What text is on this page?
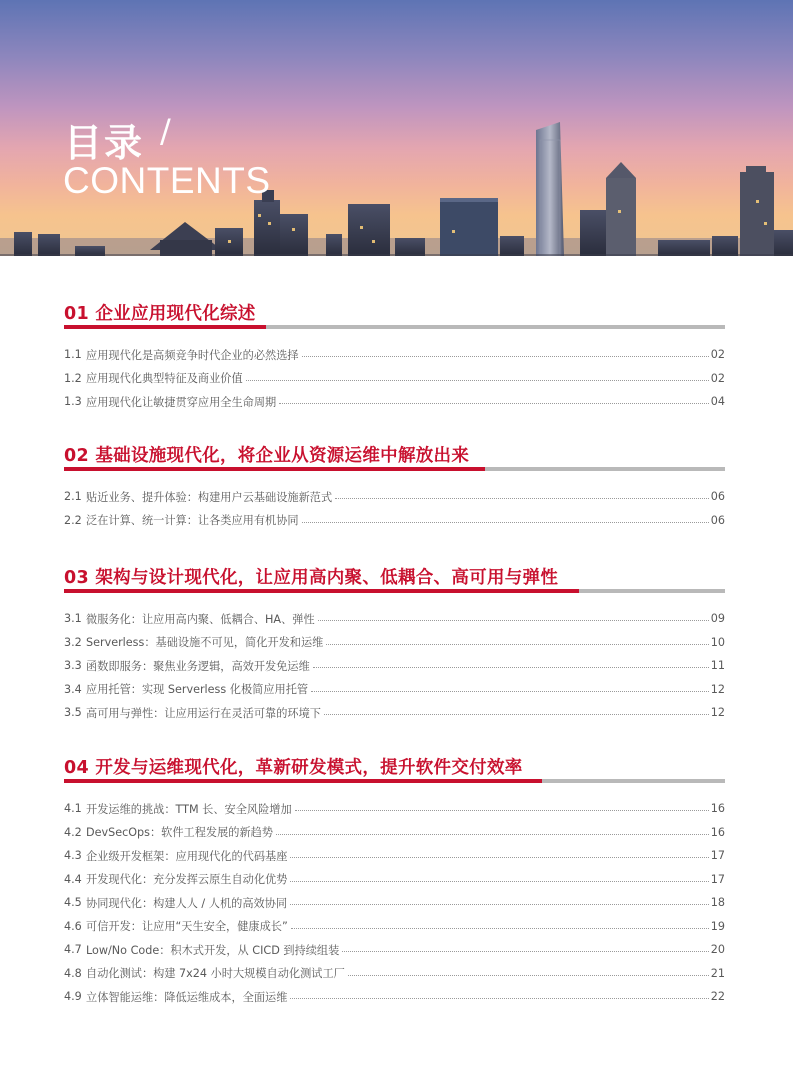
目录 /
CONTENTS
01 企业应用现代化综述
1.1 应用现代化是高频竞争时代企业的必然选择	02
1.2 应用现代化典型特征及商业价值	02
1.3 应用现代化让敏捷贯穿应用全生命周期	04
02 基础设施现代化，将企业从资源运维中解放出来
2.1 贴近业务、提升体验：构建用户云基础设施新范式	06
2.2 泛在计算、统一计算：让各类应用有机协同	06
03 架构与设计现代化，让应用高内聚、低耦合、高可用与弹性
3.1 微服务化：让应用高内聚、低耦合、HA、弹性	09
3.2 Serverless：基础设施不可见，简化开发和运维	10
3.3 函数即服务：聚焦业务逻辑，高效开发免运维	11
3.4 应用托管：实现 Serverless 化极简应用托管	12
3.5 高可用与弹性：让应用运行在灵活可靠的环境下	12
04 开发与运维现代化，革新研发模式，提升软件交付效率
4.1 开发运维的挑战：TTM 长、安全风险增加	16
4.2 DevSecOps：软件工程发展的新趋势	16
4.3 企业级开发框架：应用现代化的代码基座	17
4.4 开发现代化：充分发挥云原生自动化优势	17
4.5 协同现代化：构建人人 / 人机的高效协同	18
4.6 可信开发：让应用“天生安全，健康成长”	19
4.7 Low/No Code：积木式开发，从 CICD 到持续组装	20
4.8 自动化测试：构建 7x24 小时大规模自动化测试工厂	21
4.9 立体智能运维：降低运维成本，全面运维	22
